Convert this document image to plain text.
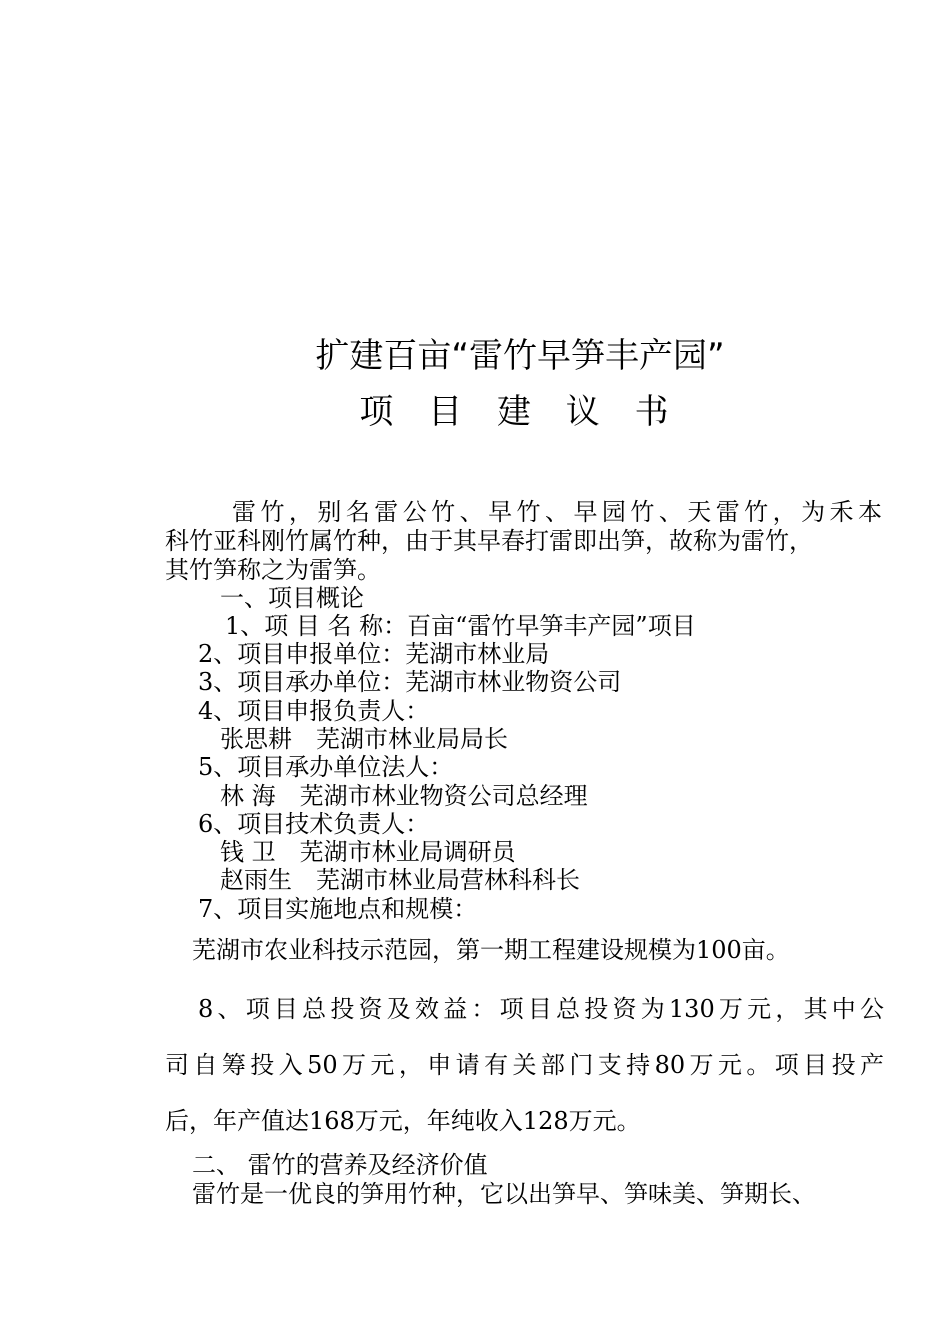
扩建百亩“雷竹早笋丰产园”
项 目 建 议 书
雷竹，别名雷公竹、早竹、早园竹、天雷竹，为禾本
科竹亚科刚竹属竹种，由于其早春打雷即出笋，故称为雷竹，
其竹笋称之为雷笋。
一、项目概论
1、项 目 名 称：百亩“雷竹早笋丰产园”项目
2、项目申报单位：芜湖市林业局
3、项目承办单位：芜湖市林业物资公司
4、项目申报负责人：
张思耕　芜湖市林业局局长
5、项目承办单位法人：
林 海　芜湖市林业物资公司总经理
6、项目技术负责人：
钱 卫　芜湖市林业局调研员
赵雨生　芜湖市林业局营林科科长
7、项目实施地点和规模：
芜湖市农业科技示范园，第一期工程建设规模为100亩。
8、项目总投资及效益：项目总投资为130万元，其中公
司自筹投入50万元，申请有关部门支持80万元。项目投产
后，年产值达168万元，年纯收入128万元。
二、 雷竹的营养及经济价值
雷竹是一优良的笋用竹种，它以出笋早、笋味美、笋期长、
